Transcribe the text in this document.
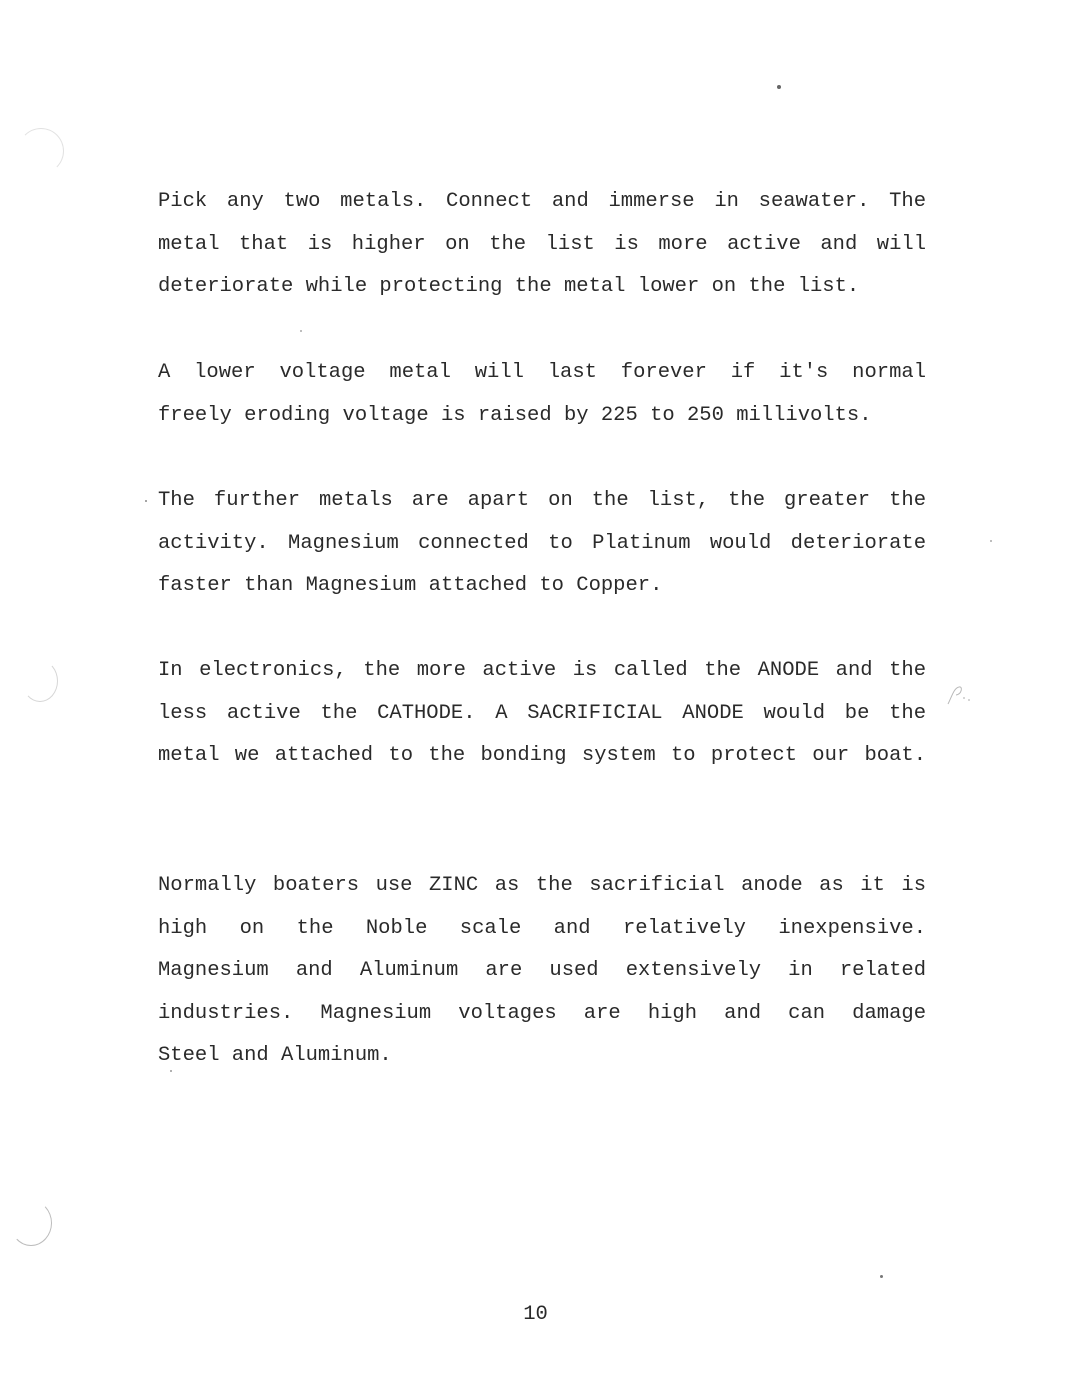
Pick any two metals. Connect and immerse in seawater. The
metal that is higher on the list is more active and will
deteriorate while protecting the metal lower on the list.

A lower voltage metal will last forever if it's normal
freely eroding voltage is raised by 225 to 250 millivolts.

The further metals are apart on the list, the greater the
activity. Magnesium connected to Platinum would deteriorate
faster than Magnesium attached to Copper.

In electronics, the more active is called the ANODE and the
less active the CATHODE. A SACRIFICIAL ANODE would be the
metal we attached to the bonding system to protect our boat.

Normally boaters use ZINC as the sacrificial anode as it is
high on the Noble scale and relatively inexpensive.
Magnesium and Aluminum are used extensively in related
industries. Magnesium voltages are high and can damage
Steel and Aluminum.

10
